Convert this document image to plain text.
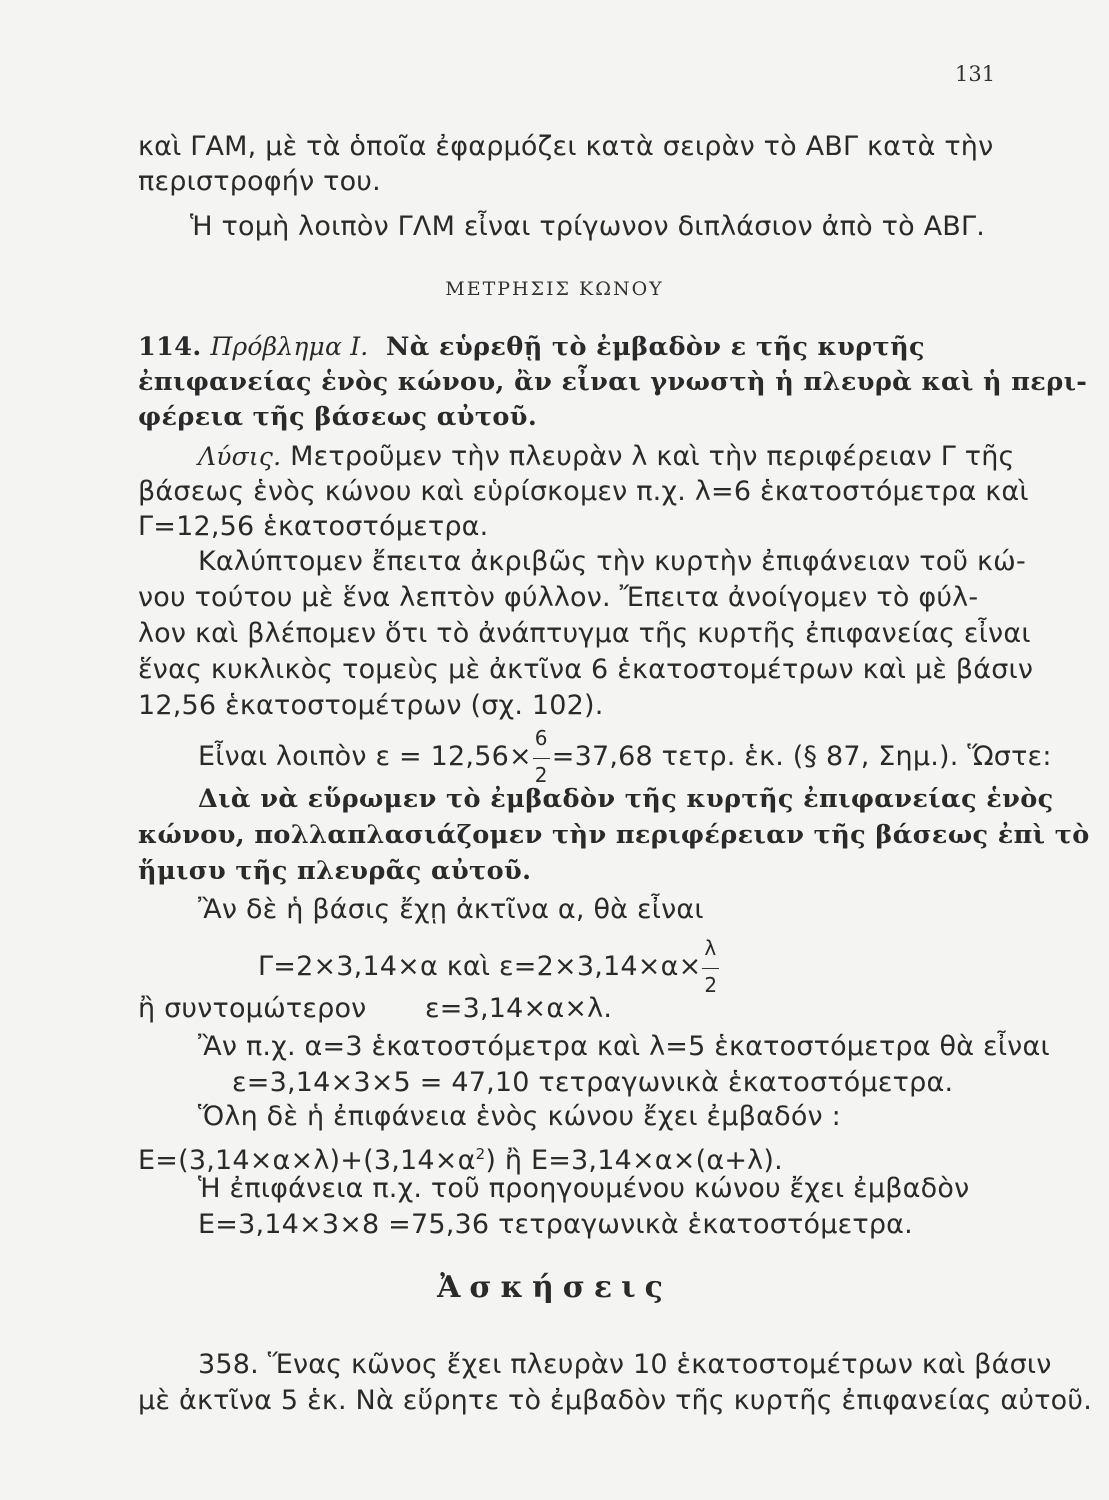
131
καὶ ΓΑΜ, μὲ τὰ ὁποῖα ἐφαρμόζει κατὰ σειρὰν τὸ ΑΒΓ κατὰ τὴν
περιστροφήν του.
Ἡ τομὴ λοιπὸν ΓΛΜ εἶναι τρίγωνον διπλάσιον ἀπὸ τὸ ΑΒΓ.
ΜΕΤΡΗΣΙΣ ΚΩΝΟΥ
114. Πρόβλημα Ι. Νὰ εὑρεθῇ τὸ ἐμβαδὸν ε τῆς κυρτῆς
ἐπιφανείας ἑνὸς κώνου, ἂν εἶναι γνωστὴ ἡ πλευρὰ καὶ ἡ περι-
φέρεια τῆς βάσεως αὐτοῦ.
Λύσις. Μετροῦμεν τὴν πλευρὰν λ καὶ τὴν περιφέρειαν Γ τῆς
βάσεως ἑνὸς κώνου καὶ εὑρίσκομεν π.χ. λ=6 ἑκατοστόμετρα καὶ
Γ=12,56 ἑκατοστόμετρα.
Καλύπτομεν ἔπειτα ἀκριβῶς τὴν κυρτὴν ἐπιφάνειαν τοῦ κώ-
νου τούτου μὲ ἕνα λεπτὸν φύλλον. Ἔπειτα ἀνοίγομεν τὸ φύλ-
λον καὶ βλέπομεν ὅτι τὸ ἀνάπτυγμα τῆς κυρτῆς ἐπιφανείας εἶναι
ἕνας κυκλικὸς τομεὺς μὲ ἀκτῖνα 6 ἑκατοστομέτρων καὶ μὲ βάσιν
12,56 ἑκατοστομέτρων (σχ. 102).
Εἶναι λοιπὸν $\varepsilon = 12,56\times \frac{6}{2} =37,68$ τετρ. ἑκ. (§ 87, Σημ.). Ὥστε:
Διὰ νὰ εὕρωμεν τὸ ἐμβαδὸν τῆς κυρτῆς ἐπιφανείας ἑνὸς
κώνου, πολλαπλασιάζομεν τὴν περιφέρειαν τῆς βάσεως ἐπὶ τὸ
ἥμισυ τῆς πλευρᾶς αὐτοῦ.
Ἂν δὲ ἡ βάσις ἔχῃ ἀκτῖνα α, θὰ εἶναι
Γ=2×3,14×α καὶ $\varepsilon=2\times 3,14\times\alpha\times \frac{\lambda}{2}$
ἢ συντομώτερον ε=3,14×α×λ.
Ἂν π.χ. α=3 ἑκατοστόμετρα καὶ λ=5 ἑκατοστόμετρα θὰ εἶναι
ε=3,14×3×5 = 47,10 τετραγωνικὰ ἑκατοστόμετρα.
Ὅλη δὲ ἡ ἐπιφάνεια ἑνὸς κώνου ἔχει ἐμβαδόν :
$E=(3,14\times\alpha\times\lambda)+(3,14\times\alpha^2)$ ἢ Ε=3,14×α×(α+λ).
Ἡ ἐπιφάνεια π.χ. τοῦ προηγουμένου κώνου ἔχει ἐμβαδὸν
Ε=3,14×3×8 =75,36 τετραγωνικὰ ἑκατοστόμετρα.
Ἀσκήσεις
358. Ἕνας κῶνος ἔχει πλευρὰν 10 ἑκατοστομέτρων καὶ βάσιν
μὲ ἀκτῖνα 5 ἑκ. Νὰ εὕρητε τὸ ἐμβαδὸν τῆς κυρτῆς ἐπιφανείας αὐτοῦ.
